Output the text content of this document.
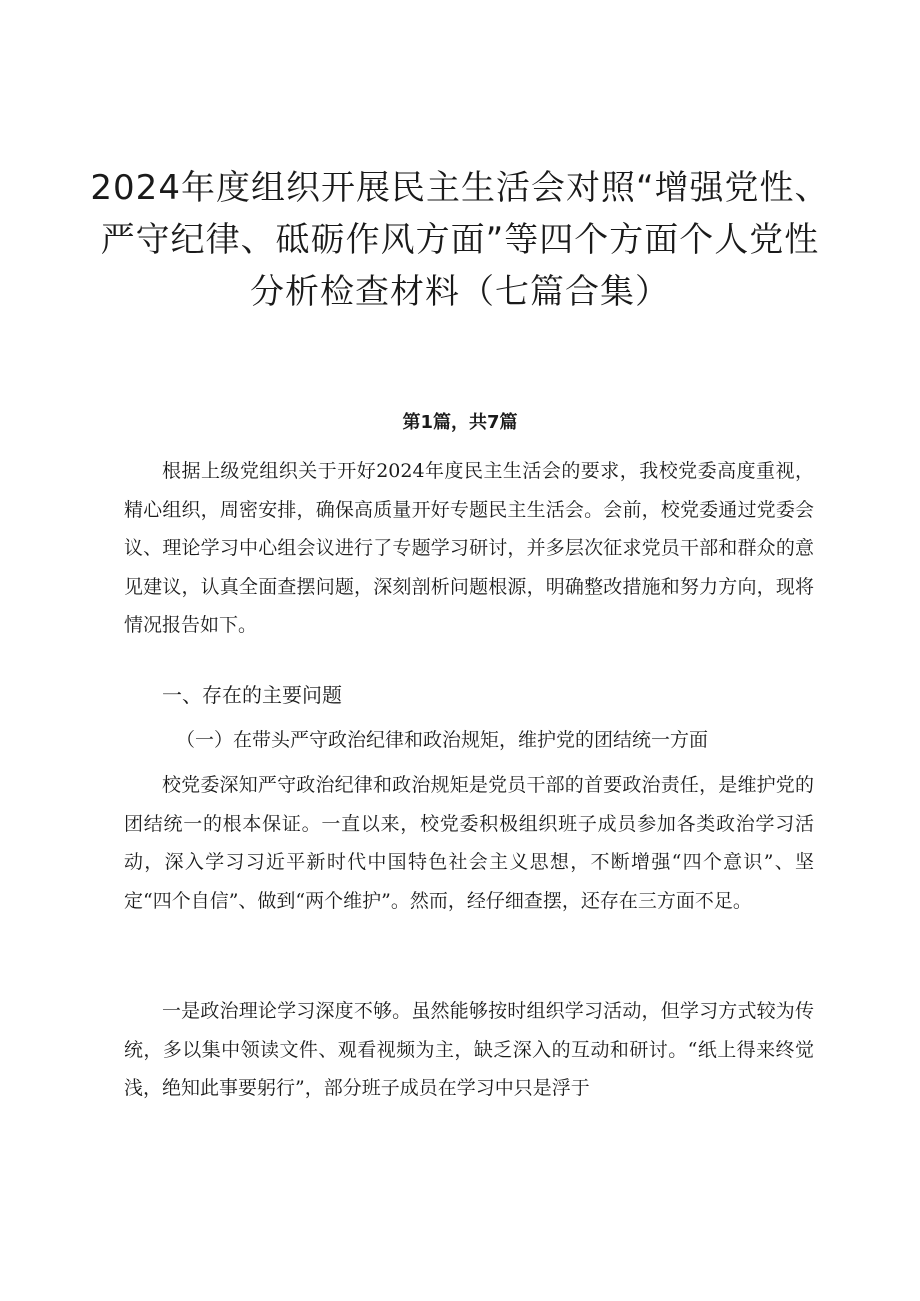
2024年度组织开展民主生活会对照“增强党性、严守纪律、砥砺作风方面”等四个方面个人党性分析检查材料（七篇合集）
第1篇，共7篇

根据上级党组织关于开好2024年度民主生活会的要求，我校党委高度重视，精心组织，周密安排，确保高质量开好专题民主生活会。会前，校党委通过党委会议、理论学习中心组会议进行了专题学习研讨，并多层次征求党员干部和群众的意见建议，认真全面查摆问题，深刻剖析问题根源，明确整改措施和努力方向，现将情况报告如下。

一、存在的主要问题
（一）在带头严守政治纪律和政治规矩，维护党的团结统一方面

校党委深知严守政治纪律和政治规矩是党员干部的首要政治责任，是维护党的团结统一的根本保证。一直以来，校党委积极组织班子成员参加各类政治学习活动，深入学习习近平新时代中国特色社会主义思想，不断增强“四个意识”、坚定“四个自信”、做到“两个维护”。然而，经仔细查摆，还存在三方面不足。

一是政治理论学习深度不够。虽然能够按时组织学习活动，但学习方式较为传统，多以集中领读文件、观看视频为主，缺乏深入的互动和研讨。“纸上得来终觉浅，绝知此事要躬行”，部分班子成员在学习中只是浮于
